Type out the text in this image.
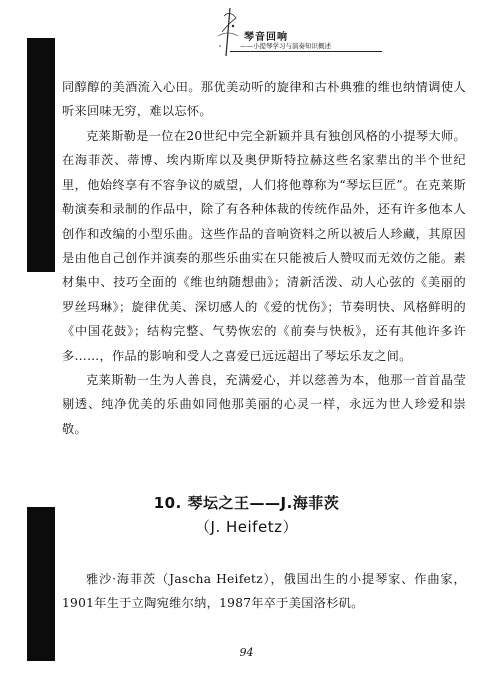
琴音回响
——小提琴学习与演奏知识概述
同醇醇的美酒流入心田。那优美动听的旋律和古朴典雅的维也纳情调使人听来回味无穷，难以忘怀。
克莱斯勒是一位在20世纪中完全新颖并具有独创风格的小提琴大师。在海菲茨、蒂博、埃内斯库以及奥伊斯特拉赫这些名家辈出的半个世纪里，他始终享有不容争议的威望，人们将他尊称为“琴坛巨匠”。在克莱斯勒演奏和录制的作品中，除了有各种体裁的传统作品外，还有许多他本人创作和改编的小型乐曲。这些作品的音响资料之所以被后人珍藏，其原因是由他自己创作并演奏的那些乐曲实在只能被后人赞叹而无效仿之能。素材集中、技巧全面的《维也纳随想曲》；清新活泼、动人心弦的《美丽的罗丝玛琳》；旋律优美、深切感人的《爱的忧伤》；节奏明快、风格鲜明的《中国花鼓》；结构完整、气势恢宏的《前奏与快板》，还有其他许多许多……，作品的影响和受人之喜爱已远远超出了琴坛乐友之间。
克莱斯勒一生为人善良，充满爱心，并以慈善为本，他那一首首晶莹剔透、纯净优美的乐曲如同他那美丽的心灵一样，永远为世人珍爱和崇敬。
10. 琴坛之王——J.海菲茨
（J. Heifetz）
雅沙·海菲茨（Jascha Heifetz），俄国出生的小提琴家、作曲家，1901年生于立陶宛维尔纳，1987年卒于美国洛杉矶。
94
